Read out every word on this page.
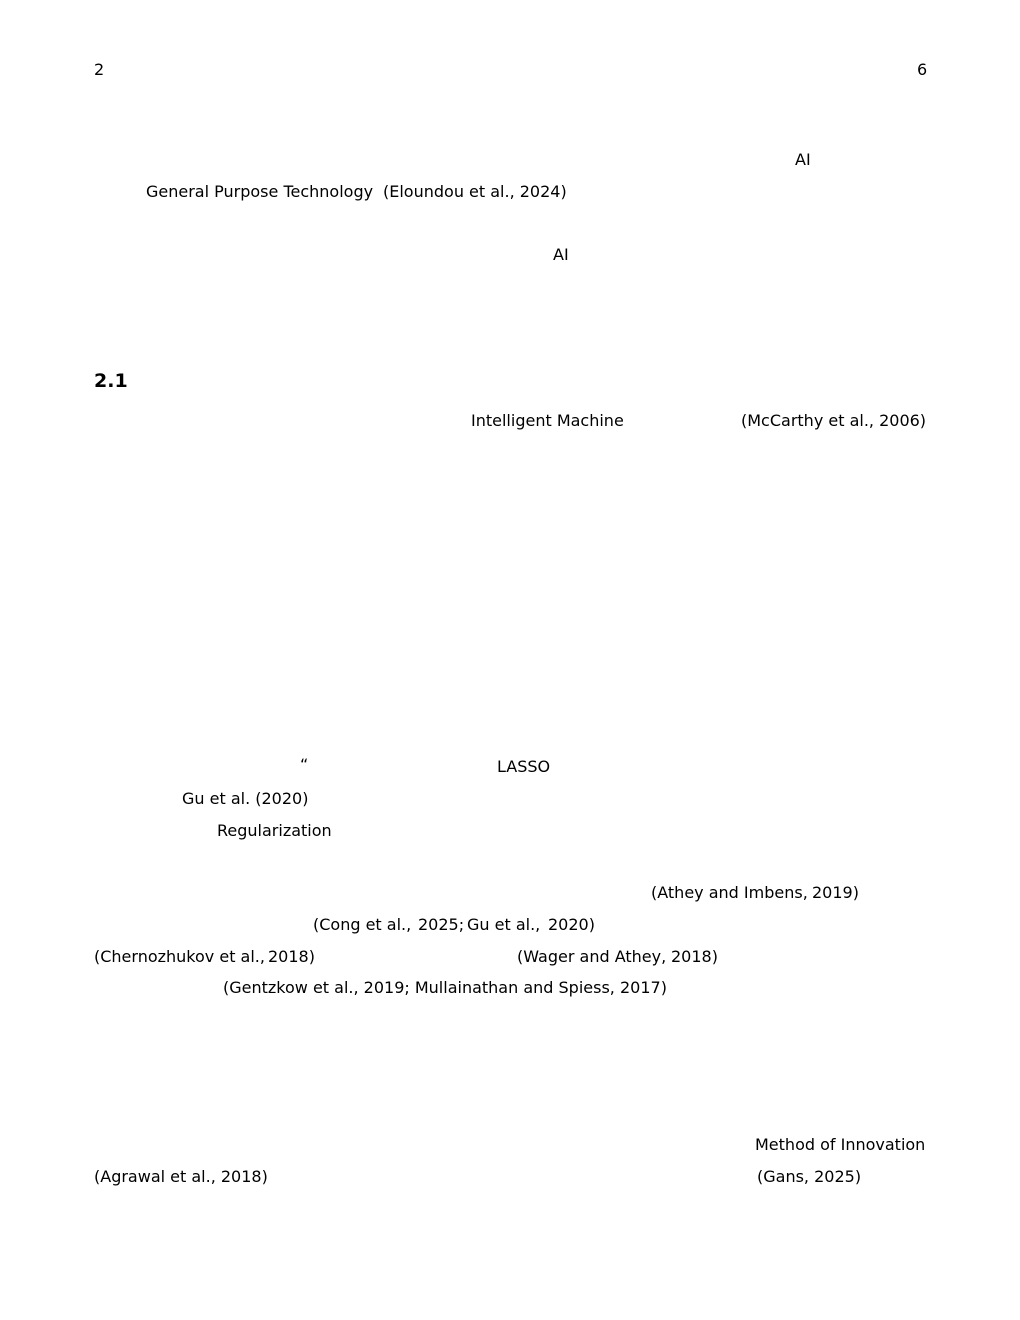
2	6
AI
General Purpose Technology (Eloundou et al., 2024)
AI
2.1
Intelligent Machine	(McCarthy et al., 2006)
“	LASSO
Gu et al. (2020)
Regularization
(Athey and Imbens, 2019)
(Cong et al., 2025; Gu et al., 2020)
(Chernozhukov et al., 2018)	(Wager and Athey, 2018)
(Gentzkow et al., 2019; Mullainathan and Spiess, 2017)
Method of Innovation
(Agrawal et al., 2018)	(Gans, 2025)
